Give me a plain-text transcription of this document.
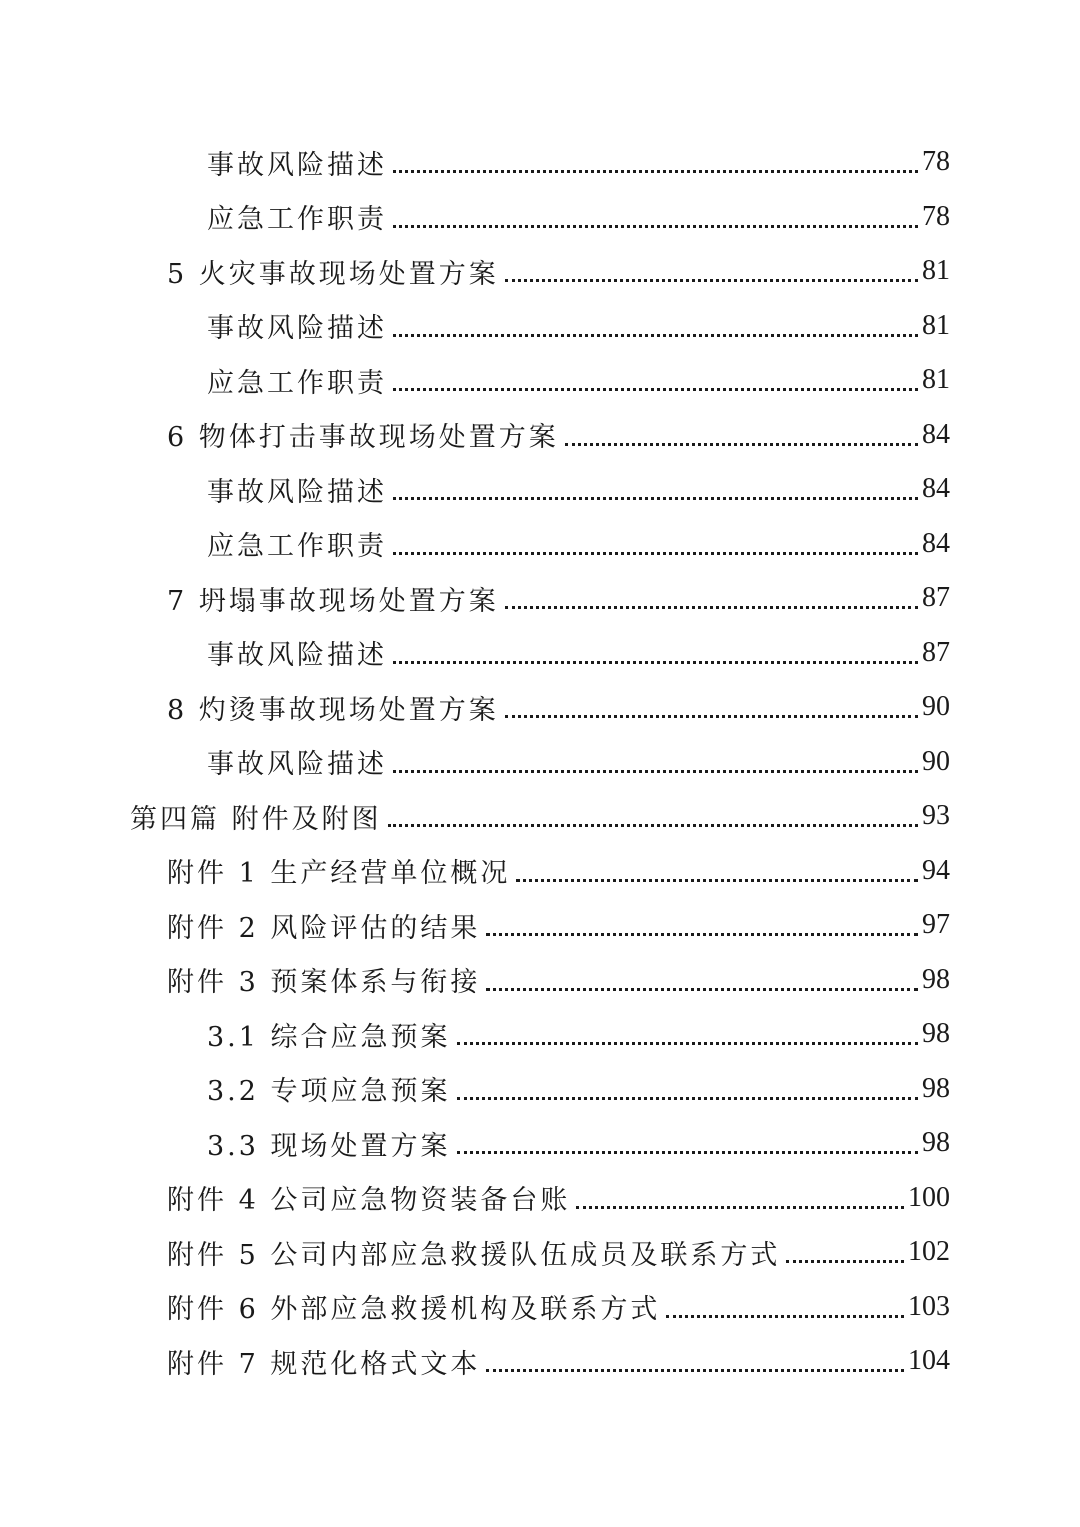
事故风险描述	78
应急工作职责	78
5 火灾事故现场处置方案	81
事故风险描述	81
应急工作职责	81
6 物体打击事故现场处置方案	84
事故风险描述	84
应急工作职责	84
7 坍塌事故现场处置方案	87
事故风险描述	87
8 灼烫事故现场处置方案	90
事故风险描述	90
第四篇 附件及附图	93
附件 1 生产经营单位概况	94
附件 2 风险评估的结果	97
附件 3 预案体系与衔接	98
3.1 综合应急预案	98
3.2 专项应急预案	98
3.3 现场处置方案	98
附件 4 公司应急物资装备台账	100
附件 5 公司内部应急救援队伍成员及联系方式	102
附件 6 外部应急救援机构及联系方式	103
附件 7 规范化格式文本	104
